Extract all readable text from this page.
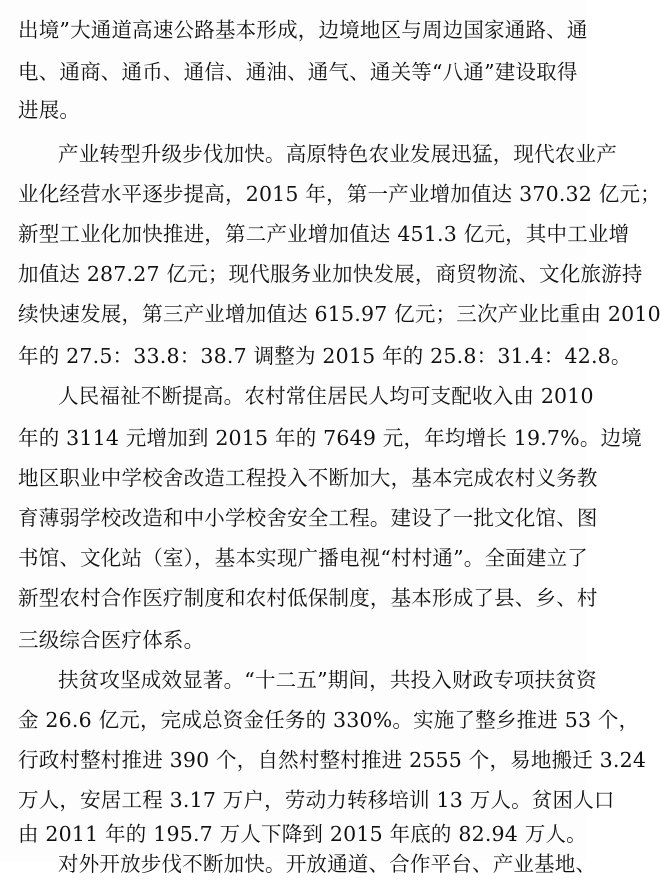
出境”大通道高速公路基本形成，边境地区与周边国家通路、通
电、通商、通币、通信、通油、通气、通关等“八通”建设取得
进展。
产业转型升级步伐加快。高原特色农业发展迅猛，现代农业产
业化经营水平逐步提高，2015 年，第一产业增加值达 370.32 亿元；
新型工业化加快推进，第二产业增加值达 451.3 亿元，其中工业增
加值达 287.27 亿元；现代服务业加快发展，商贸物流、文化旅游持
续快速发展，第三产业增加值达 615.97 亿元；三次产业比重由 2010
年的 27.5：33.8：38.7 调整为 2015 年的 25.8：31.4：42.8。
人民福祉不断提高。农村常住居民人均可支配收入由 2010
年的 3114 元增加到 2015 年的 7649 元，年均增长 19.7%。边境
地区职业中学校舍改造工程投入不断加大，基本完成农村义务教
育薄弱学校改造和中小学校舍安全工程。建设了一批文化馆、图
书馆、文化站（室），基本实现广播电视“村村通”。全面建立了
新型农村合作医疗制度和农村低保制度，基本形成了县、乡、村
三级综合医疗体系。
扶贫攻坚成效显著。“十二五”期间，共投入财政专项扶贫资
金 26.6 亿元，完成总资金任务的 330%。实施了整乡推进 53 个，
行政村整村推进 390 个，自然村整村推进 2555 个，易地搬迁 3.24
万人，安居工程 3.17 万户，劳动力转移培训 13 万人。贫困人口
由 2011 年的 195.7 万人下降到 2015 年底的 82.94 万人。
对外开放步伐不断加快。开放通道、合作平台、产业基地、
